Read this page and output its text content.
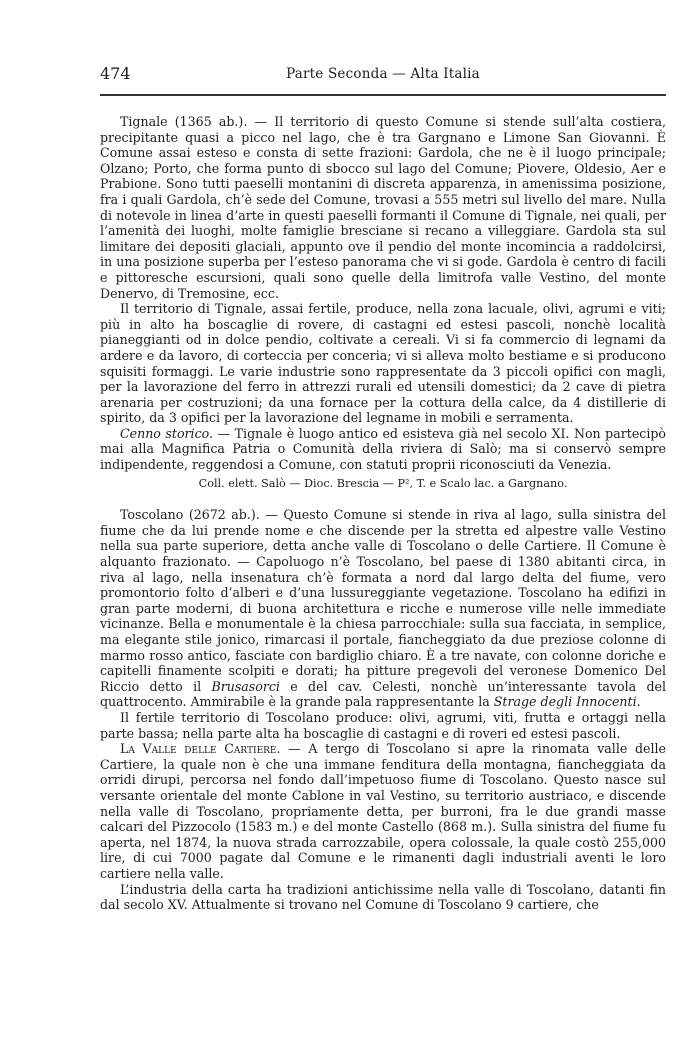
474	Parte Seconda — Alta Italia

Tignale (1365 ab.). — Il territorio di questo Comune si stende sull’alta costiera, precipitante quasi a picco nel lago, che è tra Gargnano e Limone San Giovanni. È Comune assai esteso e consta di sette frazioni: Gardola, che ne è il luogo principale; Olzano; Porto, che forma punto di sbocco sul lago del Comune; Piovere, Oldesio, Aer e Prabione. Sono tutti paeselli montanini di discreta apparenza, in amenissima posizione, fra i quali Gardola, ch’è sede del Comune, trovasi a 555 metri sul livello del mare. Nulla di notevole in linea d’arte in questi paeselli formanti il Comune di Tignale, nei quali, per l’amenità dei luoghi, molte famiglie bresciane si recano a villeggiare. Gardola sta sul limitare dei depositi glaciali, appunto ove il pendio del monte incomincia a raddolcirsi, in una posizione superba per l’esteso panorama che vi si gode. Gardola è centro di facili e pittoresche escursioni, quali sono quelle della limitrofa valle Vestino, del monte Denervo, di Tremosine, ecc.

Il territorio di Tignale, assai fertile, produce, nella zona lacuale, olivi, agrumi e viti; più in alto ha boscaglie di rovere, di castagni ed estesi pascoli, nonchè località pianeggianti od in dolce pendio, coltivate a cereali. Vi si fa commercio di legnami da ardere e da lavoro, di corteccia per conceria; vi si alleva molto bestiame e si producono squisiti formaggi. Le varie industrie sono rappresentate da 3 piccoli opifici con magli, per la lavorazione del ferro in attrezzi rurali ed utensili domestici; da 2 cave di pietra arenaria per costruzioni; da una fornace per la cottura della calce, da 4 distillerie di spirito, da 3 opifici per la lavorazione del legname in mobili e serramenta.

Cenno storico. — Tignale è luogo antico ed esisteva già nel secolo XI. Non partecipò mai alla Magnifica Patria o Comunità della riviera di Salò; ma si conservò sempre indipendente, reggendosi a Comune, con statuti proprii riconosciuti da Venezia.

Coll. elett. Salò — Dioc. Brescia — P², T. e Scalo lac. a Gargnano.

Toscolano (2672 ab.). — Questo Comune si stende in riva al lago, sulla sinistra del fiume che da lui prende nome e che discende per la stretta ed alpestre valle Vestino nella sua parte superiore, detta anche valle di Toscolano o delle Cartiere. Il Comune è alquanto frazionato. — Capoluogo n’è Toscolano, bel paese di 1380 abitanti circa, in riva al lago, nella insenatura ch’è formata a nord dal largo delta del fiume, vero promontorio folto d’alberi e d’una lussureggiante vegetazione. Toscolano ha edifizi in gran parte moderni, di buona architettura e ricche e numerose ville nelle immediate vicinanze. Bella e monumentale è la chiesa parrocchiale: sulla sua facciata, in semplice, ma elegante stile jonico, rimarcasi il portale, fiancheggiato da due preziose colonne di marmo rosso antico, fasciate con bardiglio chiaro. È a tre navate, con colonne doriche e capitelli finamente scolpiti e dorati; ha pitture pregevoli del veronese Domenico Del Riccio detto il Brusasorci e del cav. Celesti, nonchè un’interessante tavola del quattrocento. Ammirabile è la grande pala rappresentante la Strage degli Innocenti.

Il fertile territorio di Toscolano produce: olivi, agrumi, viti, frutta e ortaggi nella parte bassa; nella parte alta ha boscaglie di castagni e di roveri ed estesi pascoli.

La Valle delle Cartiere. — A tergo di Toscolano si apre la rinomata valle delle Cartiere, la quale non è che una immane fenditura della montagna, fiancheggiata da orridi dirupi, percorsa nel fondo dall’impetuoso fiume di Toscolano. Questo nasce sul versante orientale del monte Cablone in val Vestino, su territorio austriaco, e discende nella valle di Toscolano, propriamente detta, per burroni, fra le due grandi masse calcari del Pizzocolo (1583 m.) e del monte Castello (868 m.). Sulla sinistra del fiume fu aperta, nel 1874, la nuova strada carrozzabile, opera colossale, la quale costò 255,000 lire, di cui 7000 pagate dal Comune e le rimanenti dagli industriali aventi le loro cartiere nella valle.

L’industria della carta ha tradizioni antichissime nella valle di Toscolano, datanti fin dal secolo XV. Attualmente si trovano nel Comune di Toscolano 9 cartiere, che
